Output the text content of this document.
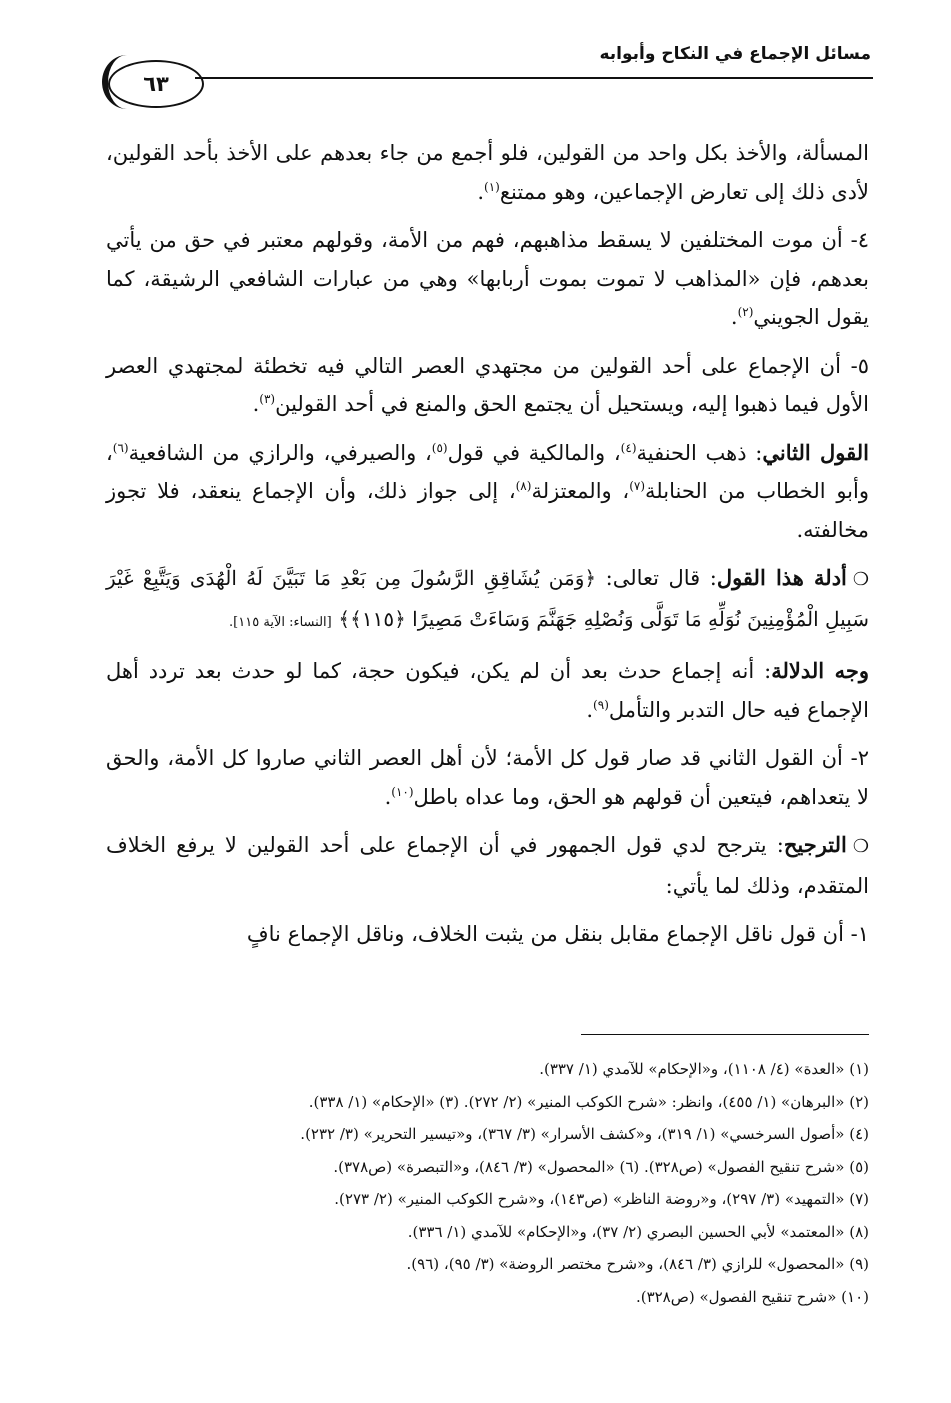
مسائل الإجماع في النكاح وأبوابه
٦٣

المسألة، والأخذ بكل واحد من القولين، فلو أجمع من جاء بعدهم على الأخذ بأحد القولين، لأدى ذلك إلى تعارض الإجماعين، وهو ممتنع$^{(١)}$.

٤- أن موت المختلفين لا يسقط مذاهبهم، فهم من الأمة، وقولهم معتبر في حق من يأتي بعدهم، فإن «المذاهب لا تموت بموت أربابها» وهي من عبارات الشافعي الرشيقة، كما يقول الجويني$^{(٢)}$.

٥- أن الإجماع على أحد القولين من مجتهدي العصر التالي فيه تخطئة لمجتهدي العصر الأول فيما ذهبوا إليه، ويستحيل أن يجتمع الحق والمنع في أحد القولين$^{(٣)}$.

القول الثاني: ذهب الحنفية$^{(٤)}$، والمالكية في قول$^{(٥)}$، والصيرفي، والرازي من الشافعية$^{(٦)}$، وأبو الخطاب من الحنابلة$^{(٧)}$، والمعتزلة$^{(٨)}$، إلى جواز ذلك، وأن الإجماع ينعقد، فلا تجوز مخالفته.

❍أدلة هذا القول: قال تعالى: ﴿وَمَن يُشَاقِقِ الرَّسُولَ مِن بَعْدِ مَا تَبَيَّنَ لَهُ الْهُدَى وَيَتَّبِعْ غَيْرَ سَبِيلِ الْمُؤْمِنِينَ نُوَلِّهِ مَا تَوَلَّى وَنُصْلِهِ جَهَنَّمَ وَسَاءَتْ مَصِيرًا ﴿١١٥﴾﴾ [النساء: الآية ١١٥].

وجه الدلالة: أنه إجماع حدث بعد أن لم يكن، فيكون حجة، كما لو حدث بعد تردد أهل الإجماع فيه حال التدبر والتأمل$^{(٩)}$.

٢- أن القول الثاني قد صار قول كل الأمة؛ لأن أهل العصر الثاني صاروا كل الأمة، والحق لا يتعداهم، فيتعين أن قولهم هو الحق، وما عداه باطل$^{(١٠)}$.

❍الترجيح: يترجح لدي قول الجمهور في أن الإجماع على أحد القولين لا يرفع الخلاف المتقدم، وذلك لما يأتي:

١- أن قول ناقل الإجماع مقابل بنقل من يثبت الخلاف، وناقل الإجماع نافٍ

(١) «العدة» (٤/ ١١٠٨)، و«الإحكام» للآمدي (١/ ٣٣٧).
(٢) «البرهان» (١/ ٤٥٥)، وانظر: «شرح الكوكب المنير» (٢/ ٢٧٢). (٣) «الإحكام» (١/ ٣٣٨).
(٤) «أصول السرخسي» (١/ ٣١٩)، و«كشف الأسرار» (٣/ ٣٦٧)، و«تيسير التحرير» (٣/ ٢٣٢).
(٥) «شرح تنقيح الفصول» (ص٣٢٨). (٦) «المحصول» (٣/ ٨٤٦)، و«التبصرة» (ص٣٧٨).
(٧) «التمهيد» (٣/ ٢٩٧)، و«روضة الناظر» (ص١٤٣)، و«شرح الكوكب المنير» (٢/ ٢٧٣).
(٨) «المعتمد» لأبي الحسين البصري (٢/ ٣٧)، و«الإحكام» للآمدي (١/ ٣٣٦).
(٩) «المحصول» للرازي (٣/ ٨٤٦)، و«شرح مختصر الروضة» (٣/ ٩٥)، (٩٦).
(١٠) «شرح تنقيح الفصول» (ص٣٢٨).
